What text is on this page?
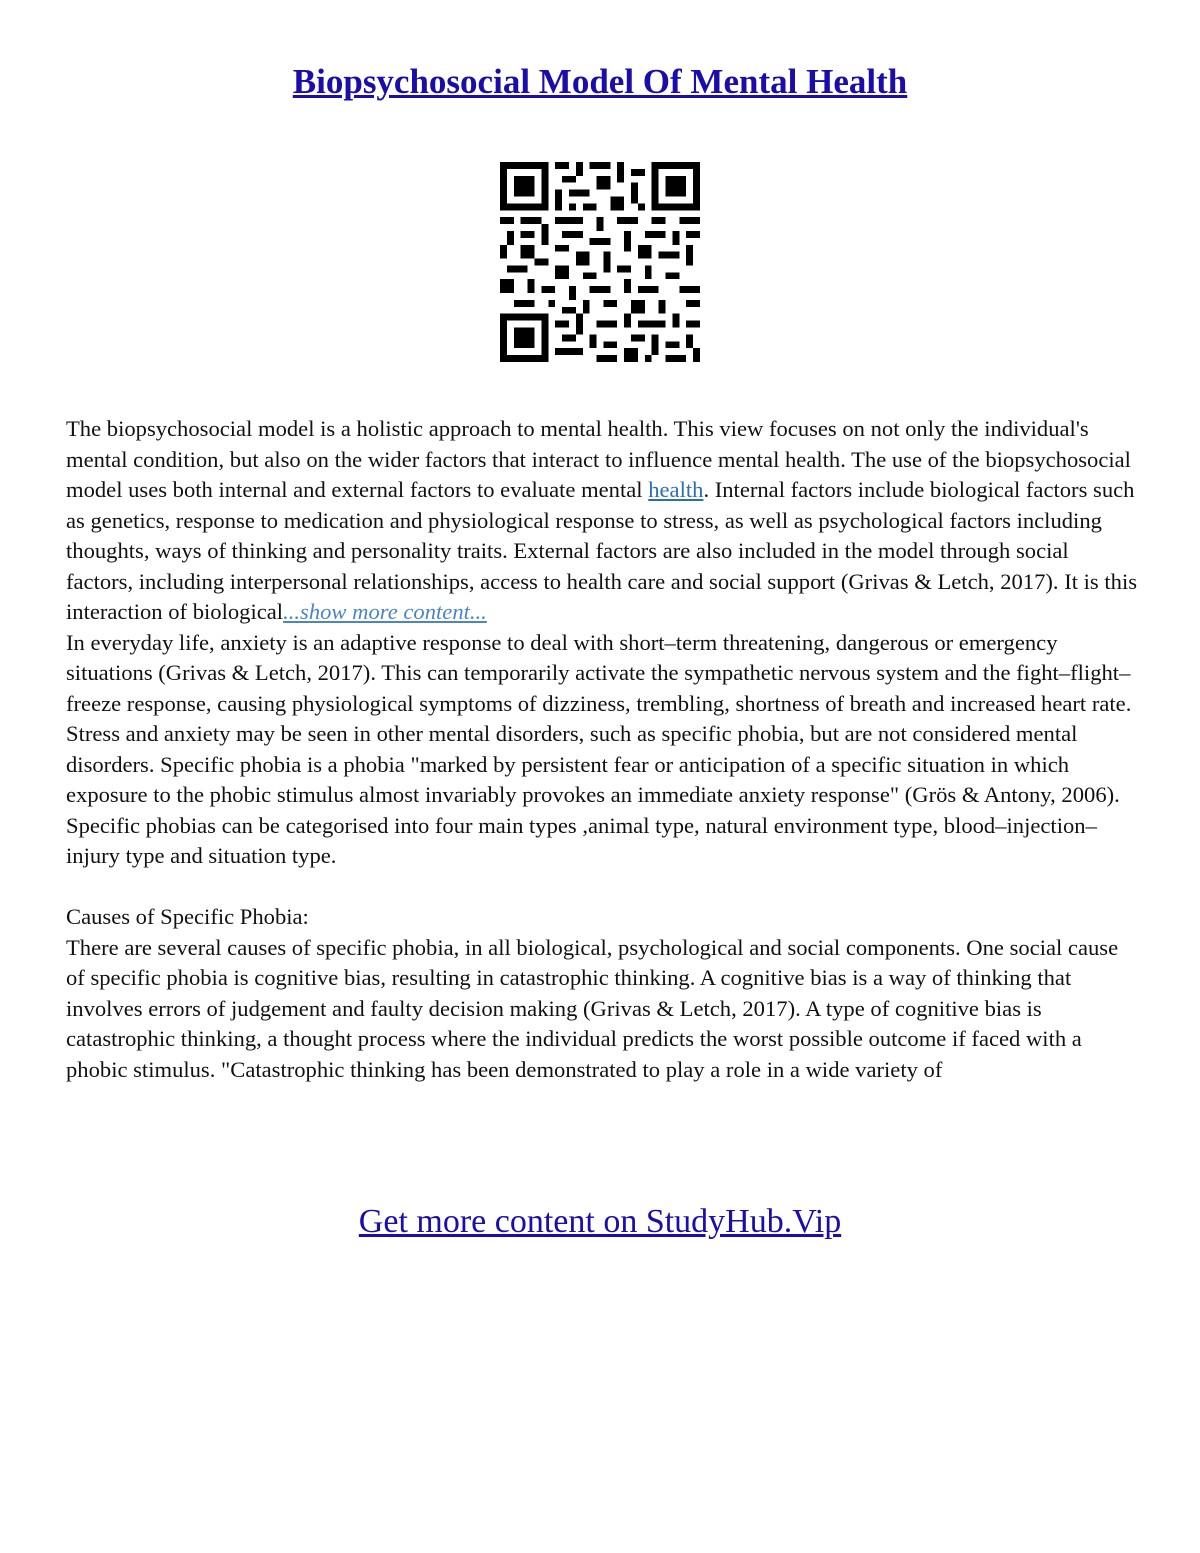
Biopsychosocial Model Of Mental Health

The biopsychosocial model is a holistic approach to mental health. This view focuses on not only the individual's mental condition, but also on the wider factors that interact to influence mental health. The use of the biopsychosocial model uses both internal and external factors to evaluate mental health. Internal factors include biological factors such as genetics, response to medication and physiological response to stress, as well as psychological factors including thoughts, ways of thinking and personality traits. External factors are also included in the model through social factors, including interpersonal relationships, access to health care and social support (Grivas & Letch, 2017). It is this interaction of biological...show more content...

In everyday life, anxiety is an adaptive response to deal with short–term threatening, dangerous or emergency situations (Grivas & Letch, 2017). This can temporarily activate the sympathetic nervous system and the fight–flight–freeze response, causing physiological symptoms of dizziness, trembling, shortness of breath and increased heart rate. Stress and anxiety may be seen in other mental disorders, such as specific phobia, but are not considered mental disorders. Specific phobia is a phobia "marked by persistent fear or anticipation of a specific situation in which exposure to the phobic stimulus almost invariably provokes an immediate anxiety response" (Grös & Antony, 2006). Specific phobias can be categorised into four main types ,animal type, natural environment type, blood–injection–injury type and situation type.

Causes of Specific Phobia:

There are several causes of specific phobia, in all biological, psychological and social components. One social cause of specific phobia is cognitive bias, resulting in catastrophic thinking. A cognitive bias is a way of thinking that involves errors of judgement and faulty decision making (Grivas & Letch, 2017). A type of cognitive bias is catastrophic thinking, a thought process where the individual predicts the worst possible outcome if faced with a phobic stimulus. "Catastrophic thinking has been demonstrated to play a role in a wide variety of

Get more content on StudyHub.Vip
